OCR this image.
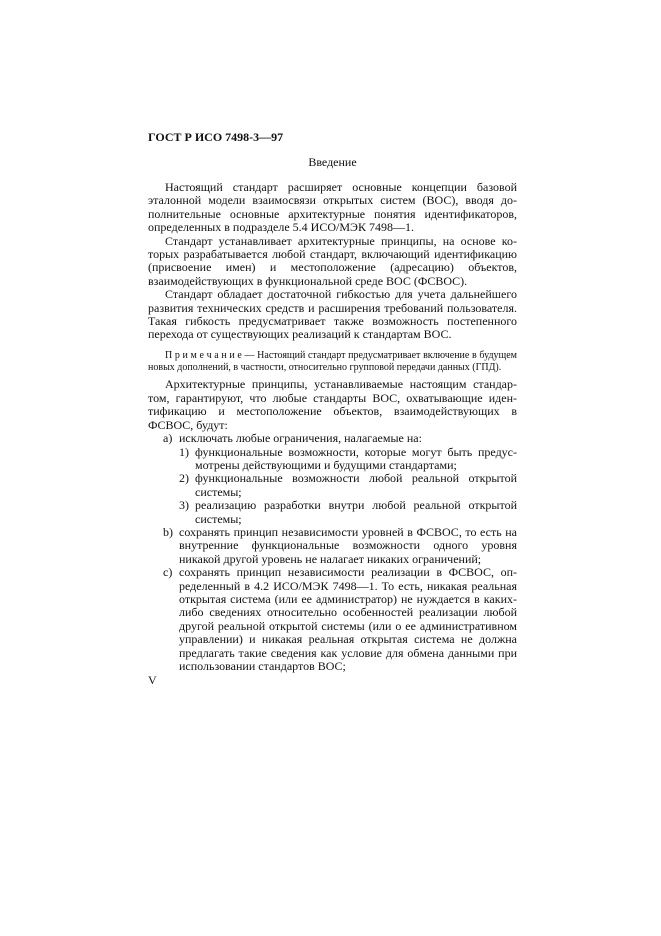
ГОСТ Р ИСО 7498-3—97
Введение

Настоящий стандарт расширяет основные концепции базовой эталонной модели взаимосвязи открытых систем (ВОС), вводя дополнительные основные архитектурные понятия идентификаторов, определенных в подразделе 5.4 ИСО/МЭК 7498—1.

Стандарт устанавливает архитектурные принципы, на основе которых разрабатывается любой стандарт, включающий идентификацию (присвоение имен) и местоположение (адресацию) объектов, взаимодействующих в функциональной среде ВОС (ФСВОС).

Стандарт обладает достаточной гибкостью для учета дальнейшего развития технических средств и расширения требований пользователя. Такая гибкость предусматривает также возможность постепенного перехода от существующих реализаций к стандартам ВОС.

П р и м е ч а н и е — Настоящий стандарт предусматривает включение в будущем новых дополнений, в частности, относительно групповой передачи данных (ГПД).

Архитектурные принципы, устанавливаемые настоящим стандартом, гарантируют, что любые стандарты ВОС, охватывающие идентификацию и местоположение объектов, взаимодействующих в ФСВОС, будут:

a) исключать любые ограничения, налагаемые на:
1) функциональные возможности, которые могут быть предусмотрены действующими и будущими стандартами;
2) функциональные возможности любой реальной открытой системы;
3) реализацию разработки внутри любой реальной открытой системы;
b) сохранять принцип независимости уровней в ФСВОС, то есть на внутренние функциональные возможности одного уровня никакой другой уровень не налагает никаких ограничений;
c) сохранять принцип независимости реализации в ФСВОС, определенный в 4.2 ИСО/МЭК 7498—1. То есть, никакая реальная открытая система (или ее администратор) не нуждается в каких-либо сведениях относительно особенностей реализации любой другой реальной открытой системы (или о ее административном управлении) и никакая реальная открытая система не должна предлагать такие сведения как условие для обмена данными при использовании стандартов ВОС;
V
